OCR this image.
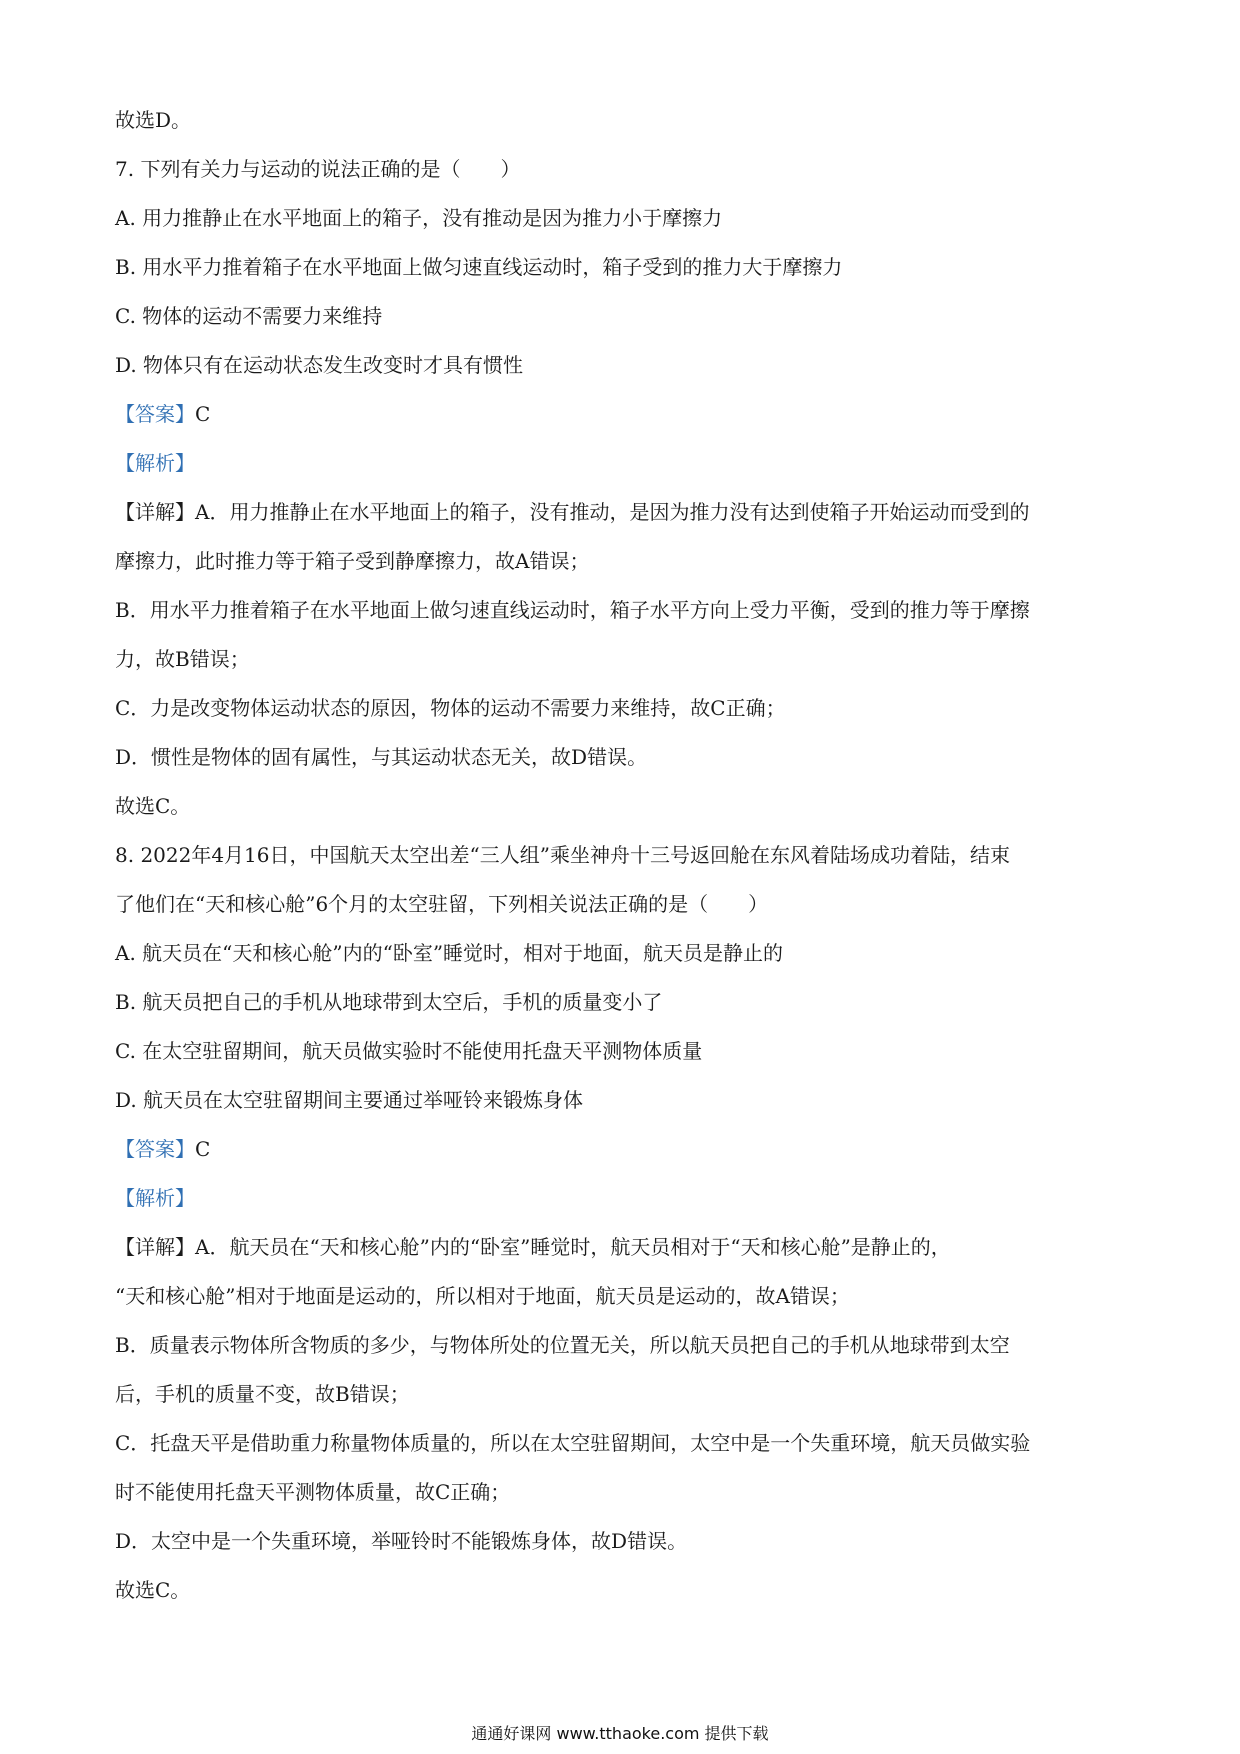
故选D。
7. 下列有关力与运动的说法正确的是（　　）
A. 用力推静止在水平地面上的箱子，没有推动是因为推力小于摩擦力
B. 用水平力推着箱子在水平地面上做匀速直线运动时，箱子受到的推力大于摩擦力
C. 物体的运动不需要力来维持
D. 物体只有在运动状态发生改变时才具有惯性
【答案】C
【解析】
【详解】A．用力推静止在水平地面上的箱子，没有推动，是因为推力没有达到使箱子开始运动而受到的
摩擦力，此时推力等于箱子受到静摩擦力，故A错误；
B．用水平力推着箱子在水平地面上做匀速直线运动时，箱子水平方向上受力平衡，受到的推力等于摩擦
力，故B错误；
C．力是改变物体运动状态的原因，物体的运动不需要力来维持，故C正确；
D．惯性是物体的固有属性，与其运动状态无关，故D错误。
故选C。
8. 2022年4月16日，中国航天太空出差“三人组”乘坐神舟十三号返回舱在东风着陆场成功着陆，结束
了他们在“天和核心舱”6个月的太空驻留，下列相关说法正确的是（　　）
A. 航天员在“天和核心舱”内的“卧室”睡觉时，相对于地面，航天员是静止的
B. 航天员把自己的手机从地球带到太空后，手机的质量变小了
C. 在太空驻留期间，航天员做实验时不能使用托盘天平测物体质量
D. 航天员在太空驻留期间主要通过举哑铃来锻炼身体
【答案】C
【解析】
【详解】A．航天员在“天和核心舱”内的“卧室”睡觉时，航天员相对于“天和核心舱”是静止的，
“天和核心舱”相对于地面是运动的，所以相对于地面，航天员是运动的，故A错误；
B．质量表示物体所含物质的多少，与物体所处的位置无关，所以航天员把自己的手机从地球带到太空
后，手机的质量不变，故B错误；
C．托盘天平是借助重力称量物体质量的，所以在太空驻留期间，太空中是一个失重环境，航天员做实验
时不能使用托盘天平测物体质量，故C正确；
D．太空中是一个失重环境，举哑铃时不能锻炼身体，故D错误。
故选C。
通通好课网 www.tthaoke.com 提供下载
